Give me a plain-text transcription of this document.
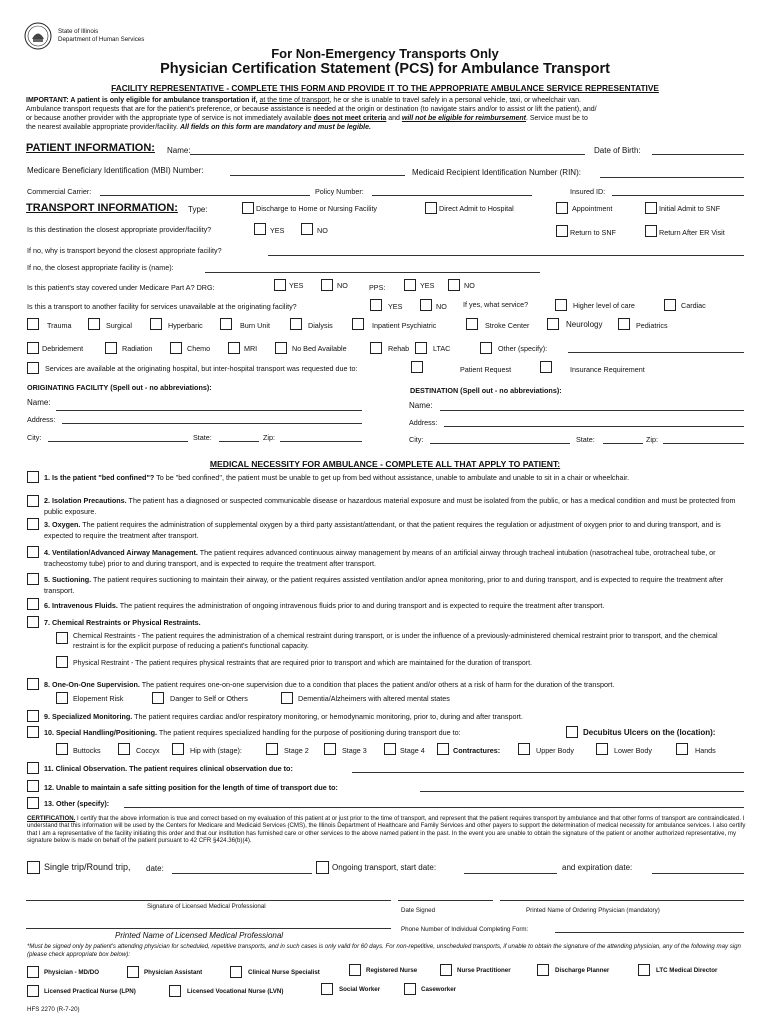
State of Illinois
Department of Human Services
For Non-Emergency Transports Only
Physician Certification Statement (PCS) for Ambulance Transport
FACILITY REPRESENTATIVE - COMPLETE THIS FORM AND PROVIDE IT TO THE APPROPRIATE AMBULANCE SERVICE REPRESENTATIVE
IMPORTANT: A patient is only eligible for ambulance transportation if, at the time of transport, he or she is unable to travel safely in a personal vehicle, taxi, or wheelchair van.
Ambulance transport requests that are for the patient's preference, or because assistance is needed at the origin or destination (to navigate stairs and/or to assist or lift the patient), and/
or because another provider with the appropriate type of service is not immediately available does not meet criteria and will not be eligible for reimbursement. Service must be to
the nearest available appropriate provider/facility. All fields on this form are mandatory and must be legible.
PATIENT INFORMATION: Name:	Date of Birth:
Medicare Beneficiary Identification (MBI) Number:	Medicaid Recipient Identification Number (RIN):
Commercial Carrier:	Policy Number:	Insured ID:
TRANSPORT INFORMATION: Type:	Discharge to Home or Nursing Facility	Direct Admit to Hospital	Appointment	Initial Admit to SNF
Is this destination the closest appropriate provider/facility?	YES	NO	Return to SNF	Return After ER Visit
If no, why is transport beyond the closest appropriate facility?
If no, the closest appropriate facility is (name):
Is this patient's stay covered under Medicare Part A? DRG:	YES	NO	PPS:	YES	NO
Is this a transport to another facility for services unavailable at the originating facility?	YES	NO If yes, what service?	Higher level of care	Cardiac
Trauma	Surgical	Hyperbaric	Burn Unit	Dialysis	Inpatient Psychiatric	Stroke Center	Neurology	Pediatrics
Debridement	Radiation	Chemo	MRI	No Bed Available	Rehab	LTAC	Other (specify):
Services are available at the originating hospital, but inter-hospital transport was requested due to:	Patient Request	Insurance Requirement
ORIGINATING FACILITY (Spell out - no abbreviations):
Name:
Address:
City:	State:	Zip:
DESTINATION (Spell out - no abbreviations):
Name:
Address:
City:	State:	Zip:
MEDICAL NECESSITY FOR AMBULANCE - COMPLETE ALL THAT APPLY TO PATIENT:
1. Is the patient "bed confined"? To be "bed confined", the patient must be unable to get up from bed without assistance, unable to ambulate and unable to sit in a chair or wheelchair.
2. Isolation Precautions. The patient has a diagnosed or suspected communicable disease or hazardous material exposure and must be isolated from the public, or has a medical condition and must be protected from public exposure.
3. Oxygen. The patient requires the administration of supplemental oxygen by a third party assistant/attendant, or that the patient requires the regulation or adjustment of oxygen prior to and during transport, and is expected to require the treatment after transport.
4. Ventilation/Advanced Airway Management. The patient requires advanced continuous airway management by means of an artificial airway through tracheal intubation (nasotracheal tube, orotracheal tube, or tracheostomy tube) prior to and during transport, and is expected to require the treatment after transport.
5. Suctioning. The patient requires suctioning to maintain their airway, or the patient requires assisted ventilation and/or apnea monitoring, prior to and during transport, and is expected to require the treatment after transport.
6. Intravenous Fluids. The patient requires the administration of ongoing intravenous fluids prior to and during transport and is expected to require the treatment after transport.
7. Chemical Restraints or Physical Restraints.
Chemical Restraints - The patient requires the administration of a chemical restraint during transport, or is under the influence of a previously-administered chemical restraint prior to transport, and the chemical restraint is for the explicit purpose of reducing a patient's functional capacity.
Physical Restraint - The patient requires physical restraints that are required prior to transport and which are maintained for the duration of transport.
8. One-On-One Supervision. The patient requires one-on-one supervision due to a condition that places the patient and/or others at a risk of harm for the duration of the transport.
Elopement Risk	Danger to Self or Others	Dementia/Alzheimers with altered mental states
9. Specialized Monitoring. The patient requires cardiac and/or respiratory monitoring, or hemodynamic monitoring, prior to, during and after transport.
10. Special Handling/Positioning. The patient requires specialized handling for the purpose of positioning during transport due to:	Decubitus Ulcers on the (location):
Buttocks	Coccyx	Hip with (stage):	Stage 2	Stage 3	Stage 4	Contractures:	Upper Body	Lower Body	Hands
11. Clinical Observation. The patient requires clinical observation due to:
12. Unable to maintain a safe sitting position for the length of time of transport due to:
13. Other (specify):
CERTIFICATION. I certify that the above information is true and correct based on my evaluation of this patient at or just prior to the time of transport, and represent that the patient requires transport by ambulance and that other forms of transport are contraindicated. I understand that this information will be used by the Centers for Medicare and Medicaid Services (CMS), the Illinois Department of Healthcare and Family Services and other payers to support the determination of medical necessity for ambulance services. I also certify that I am a representative of the facility initiating this order and that our institution has furnished care or other services to the above named patient in the past. In the event you are unable to obtain the signature of the patient or another authorized representative, my signature below is made on behalf of the patient pursuant to 42 CFR §424.36(b)(4).
Single trip/Round trip, date:	Ongoing transport, start date:	and expiration date:
Signature of Licensed Medical Professional
Date Signed	Printed Name of Ordering Physician (mandatory)
Printed Name of Licensed Medical Professional
Phone Number of Individual Completing Form:
*Must be signed only by patient's attending physician for scheduled, repetitive transports, and in such cases is only valid for 60 days. For non-repetitive, unscheduled transports, if unable to obtain the signature of the attending physician, any of the following may sign (please check appropriate box below):
Physician - MD/DO	Physician Assistant	Clinical Nurse Specialist	Registered Nurse	Nurse Practitioner	Discharge Planner	LTC Medical Director
Licensed Practical Nurse (LPN)	Licensed Vocational Nurse (LVN)	Social Worker	Caseworker
HFS 2270 (R-7-20)
